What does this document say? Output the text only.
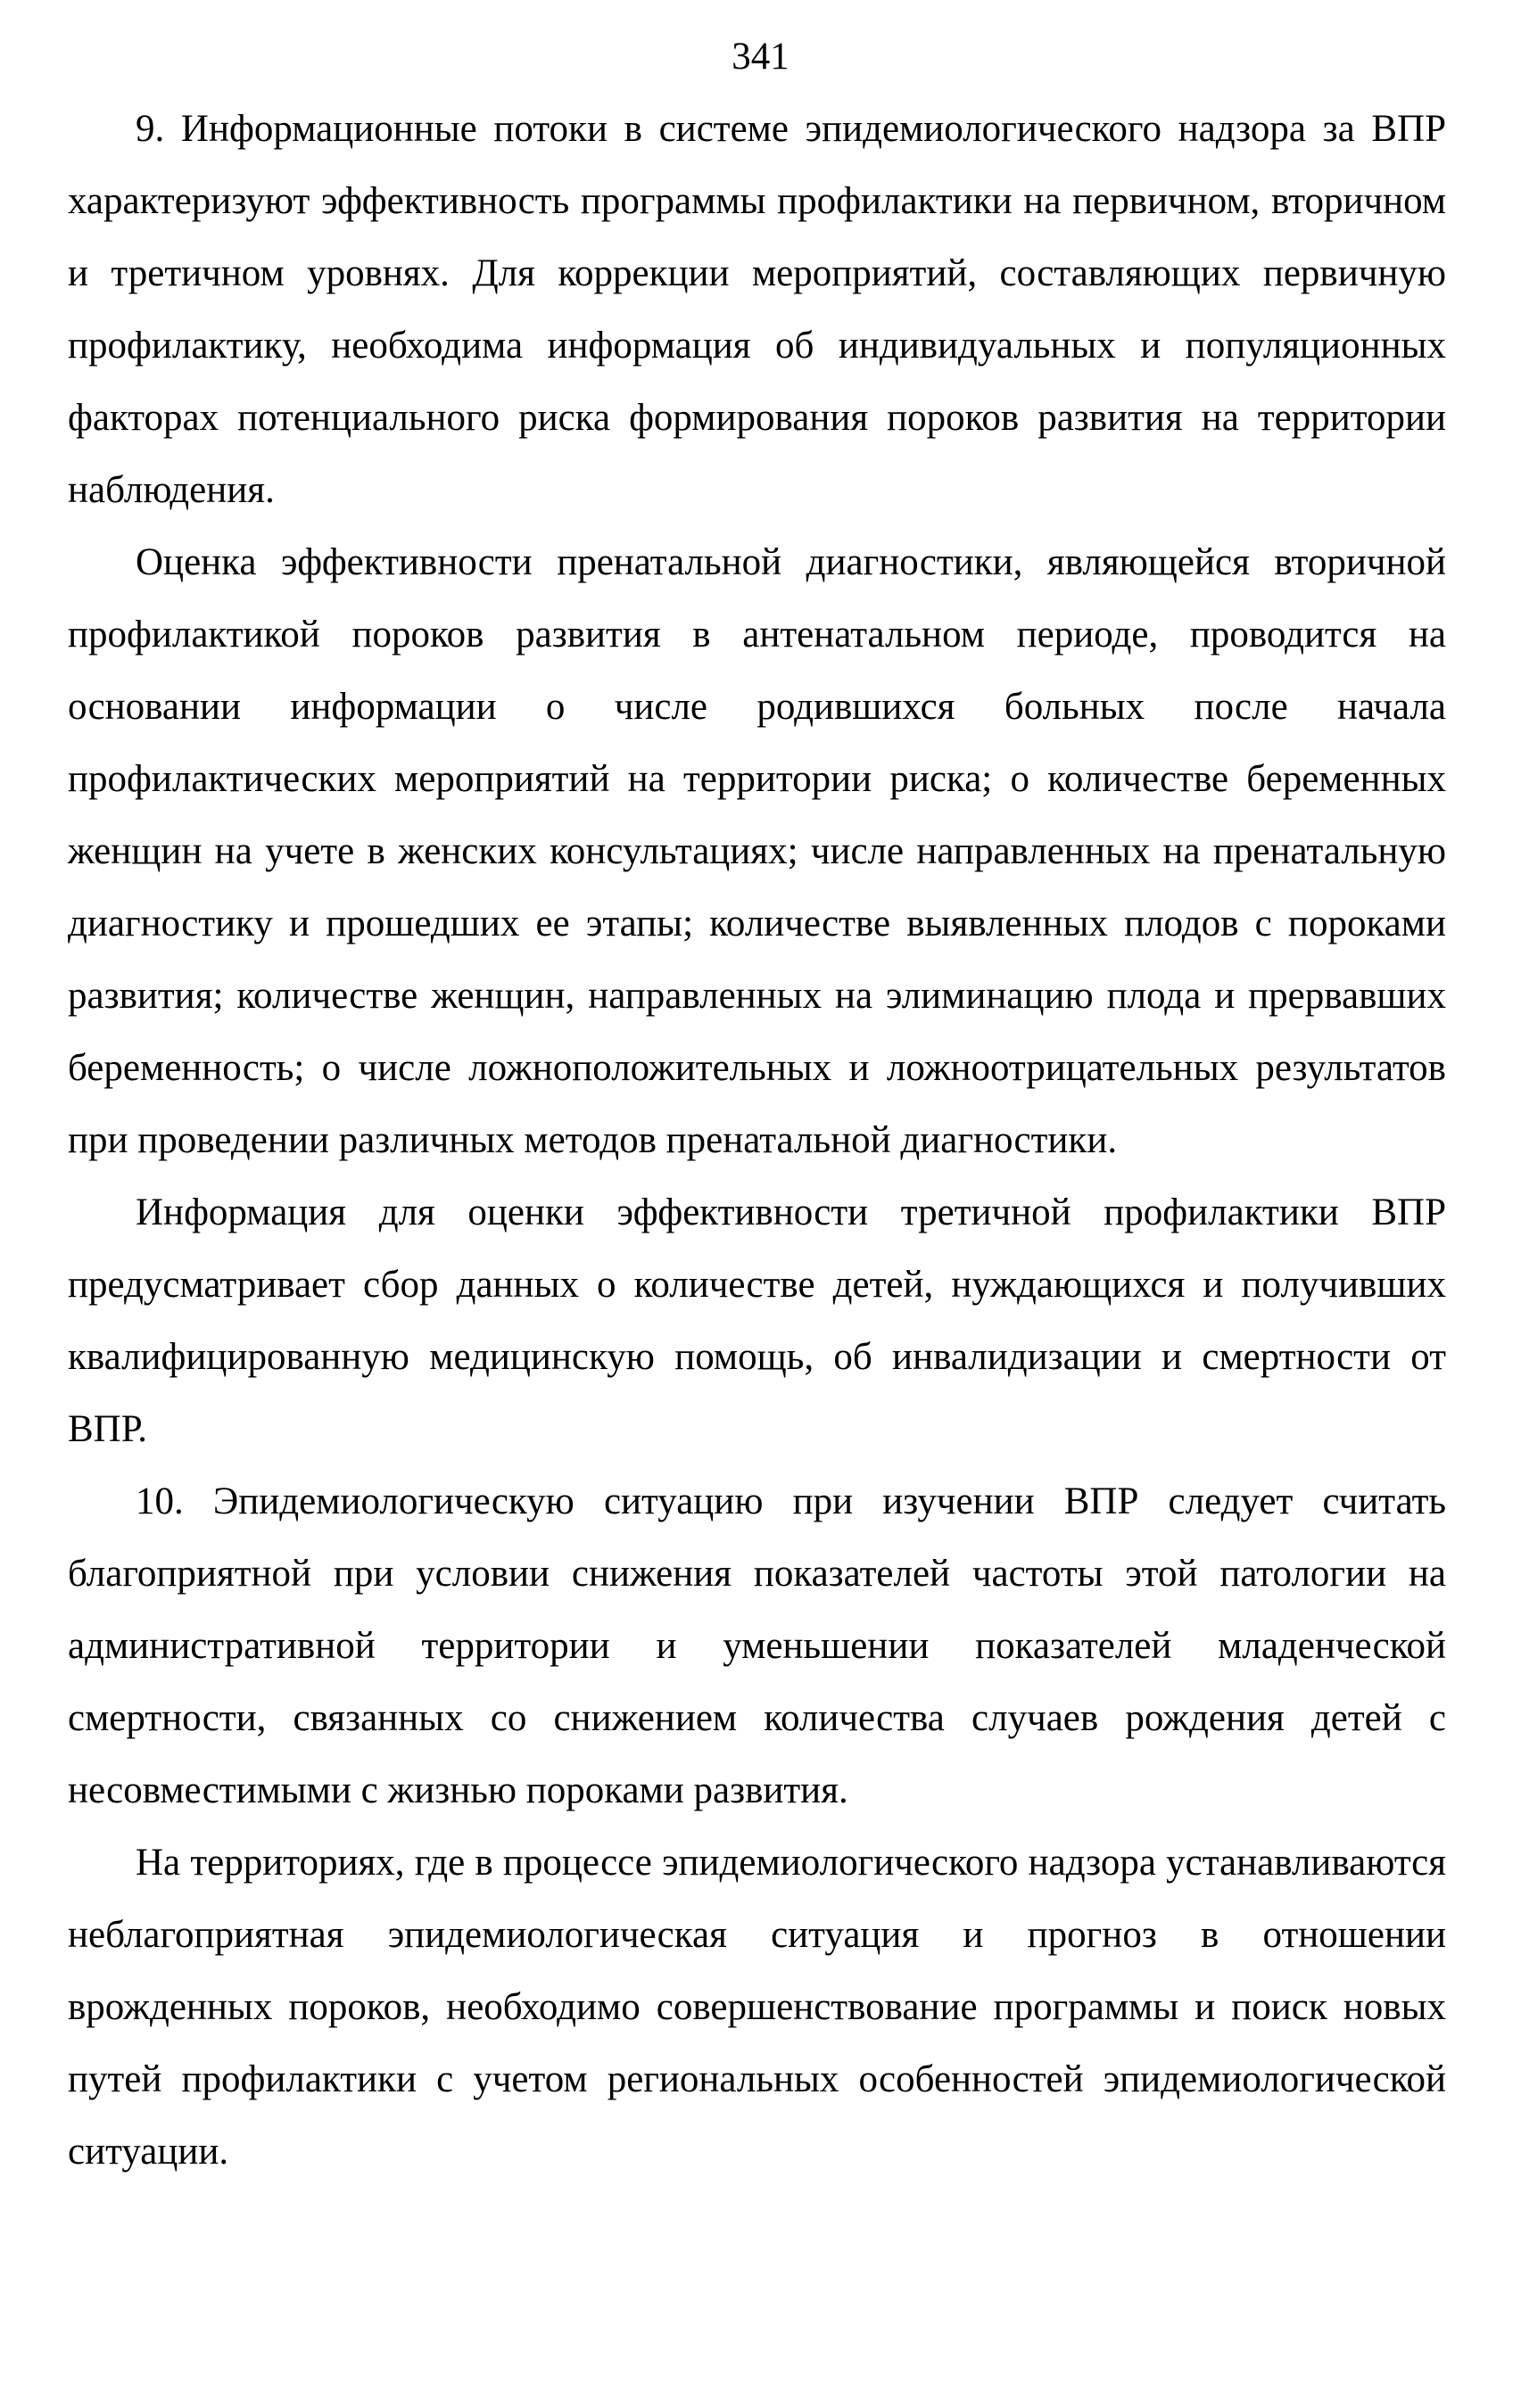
341

9. Информационные потоки в системе эпидемиологического надзора за ВПР характеризуют эффективность программы профилактики на первичном, вторичном и третичном уровнях. Для коррекции мероприятий, составляющих первичную профилактику, необходима информация об индивидуальных и популяционных факторах потенциального риска формирования пороков развития на территории наблюдения.

Оценка эффективности пренатальной диагностики, являющейся вторичной профилактикой пороков развития в антенатальном периоде, проводится на основании информации о числе родившихся больных после начала профилактических мероприятий на территории риска; о количестве беременных женщин на учете в женских консультациях; числе направленных на пренатальную диагностику и прошедших ее этапы; количестве выявленных плодов с пороками развития; количестве женщин, направленных на элиминацию плода и прервавших беременность; о числе ложноположительных и ложноотрицательных результатов при проведении различных методов пренатальной диагностики.

Информация для оценки эффективности третичной профилактики ВПР предусматривает сбор данных о количестве детей, нуждающихся и получивших квалифицированную медицинскую помощь, об инвалидизации и смертности от ВПР.

10. Эпидемиологическую ситуацию при изучении ВПР следует считать благоприятной при условии снижения показателей частоты этой патологии на административной территории и уменьшении показателей младенческой смертности, связанных со снижением количества случаев рождения детей с несовместимыми с жизнью пороками развития.

На территориях, где в процессе эпидемиологического надзора устанавливаются неблагоприятная эпидемиологическая ситуация и прогноз в отношении врожденных пороков, необходимо совершенствование программы и поиск новых путей профилактики с учетом региональных особенностей эпидемиологической ситуации.
